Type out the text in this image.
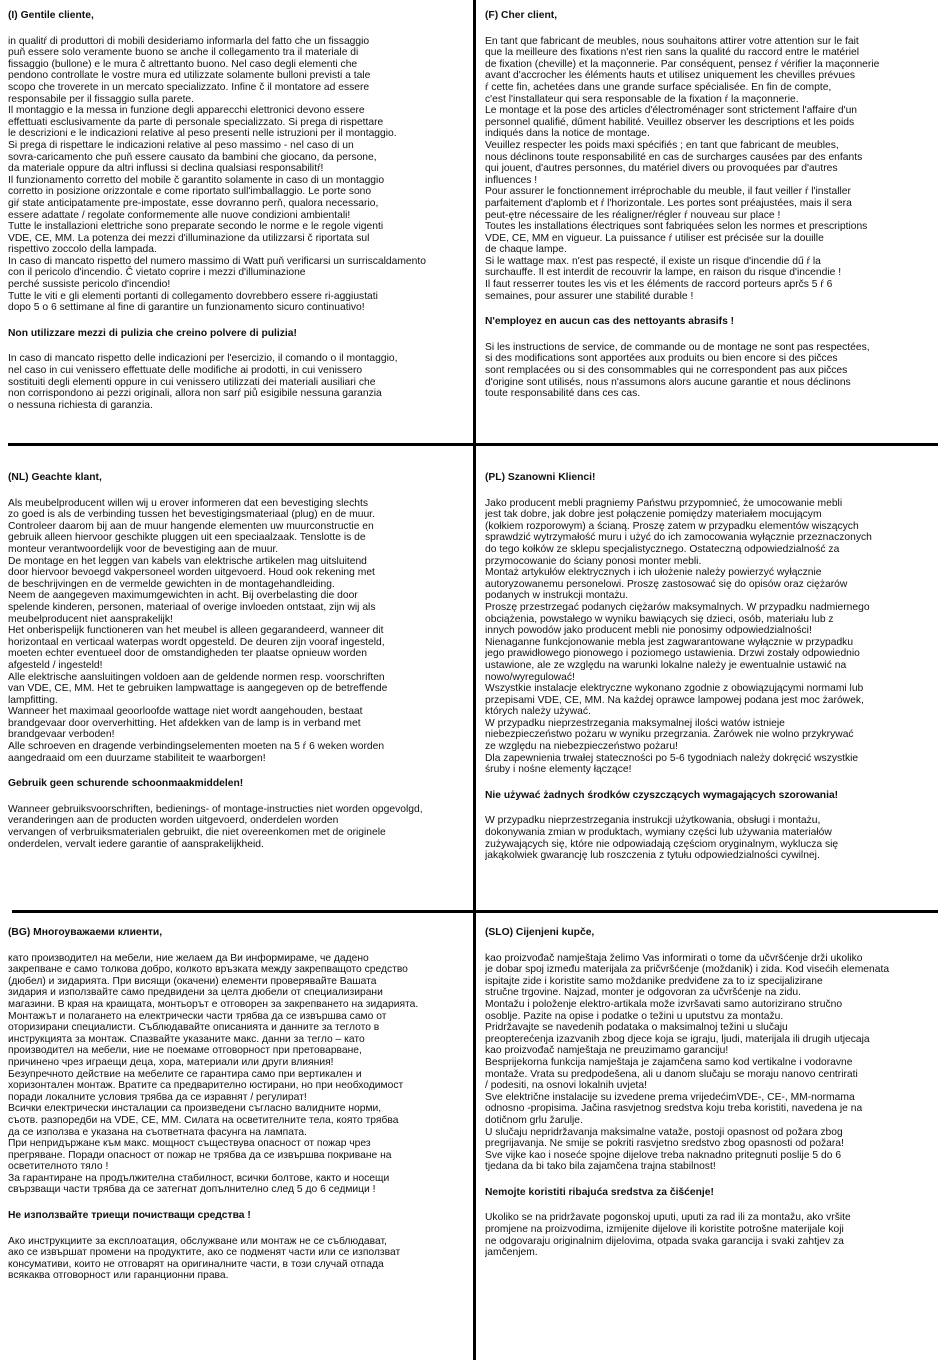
(I) Gentile cliente,
in qualitŕ di produttori di mobili desideriamo informarla del fatto che un fissaggio
puň essere solo veramente buono se anche il collegamento tra il materiale di
fissaggio (bullone) e le mura č altrettanto buono. Nel caso degli elementi che
pendono controllate le vostre mura ed utilizzate solamente bulloni previsti a tale
scopo che troverete in un mercato specializzato. Infine č il montatore ad essere
responsabile per il fissaggio sulla parete.
Il montaggio e la messa in funzione degli apparecchi elettronici devono essere
effettuati esclusivamente da parte di personale specializzato. Si prega di rispettare
le descrizioni e le indicazioni relative al peso presenti nelle istruzioni per il montaggio.
Si prega di rispettare le indicazioni relative al peso massimo - nel caso di un
sovra-caricamento che puň essere causato da bambini che giocano, da persone,
da materiale oppure da altri influssi si declina qualsiasi responsabilitŕ!
Il funzionamento corretto del mobile č garantito solamente in caso di un montaggio
corretto in posizione orizzontale e come riportato sull'imballaggio. Le porte sono
giŕ state anticipatamente pre-impostate, esse dovranno perň, qualora necessario,
essere adattate / regolate conformemente alle nuove condizioni ambientali!
Tutte le installazioni elettriche sono preparate secondo le norme e le regole vigenti
VDE, CE, MM. La potenza dei mezzi d'illuminazione da utilizzarsi č riportata sul
rispettivo zoccolo della lampada.
In caso di mancato rispetto del numero massimo di Watt puň verificarsi un surriscaldamento
con il pericolo d'incendio. Č vietato coprire i mezzi d'illuminazione
perché sussiste pericolo d'incendio!
Tutte le viti e gli elementi portanti di collegamento dovrebbero essere ri-aggiustati
dopo 5 o 6 settimane al fine di garantire un funzionamento sicuro continuativo!
Non utilizzare mezzi di pulizia che creino polvere di pulizia!
In caso di mancato rispetto delle indicazioni per l'esercizio, il comando o il montaggio,
nel caso in cui venissero effettuate delle modifiche ai prodotti, in cui venissero
sostituiti degli elementi oppure in cui venissero utilizzati dei materiali ausiliari che
non corrispondono ai pezzi originali, allora non sarŕ piů esigibile nessuna garanzia
o nessuna richiesta di garanzia.
(F) Cher client,
En tant que fabricant de meubles, nous souhaitons attirer votre attention sur le fait
que la meilleure des fixations n'est rien sans la qualité du raccord entre le matériel
de fixation (cheville) et la maçonnerie. Par conséquent, pensez ŕ vérifier la maçonnerie
avant d'accrocher les éléments hauts et utilisez uniquement les chevilles prévues
ŕ cette fin, achetées dans une grande surface spécialisée. En fin de compte,
c'est l'installateur qui sera responsable de la fixation ŕ la maçonnerie.
Le montage et la pose des articles d'électroménager sont strictement l'affaire d'un
personnel qualifié, dűment habilité. Veuillez observer les descriptions et les poids
indiqués dans la notice de montage.
Veuillez respecter les poids maxi spécifiés ; en tant que fabricant de meubles,
nous déclinons toute responsabilité en cas de surcharges causées par des enfants
qui jouent, d'autres personnes, du matériel divers ou provoquées par d'autres
influences !
Pour assurer le fonctionnement irréprochable du meuble, il faut veiller ŕ l'installer
parfaitement d'aplomb et ŕ l'horizontale. Les portes sont préajustées, mais il sera
peut-ętre nécessaire de les réaligner/régler ŕ nouveau sur place !
Toutes les installations électriques sont fabriquées selon les normes et prescriptions
VDE, CE, MM en vigueur. La puissance ŕ utiliser est précisée sur la douille
de chaque lampe.
Si le wattage max. n'est pas respecté, il existe un risque d'incendie dű ŕ la
surchauffe. Il est interdit de recouvrir la lampe, en raison du risque d'incendie !
Il faut resserrer toutes les vis et les éléments de raccord porteurs aprčs 5 ŕ 6
semaines, pour assurer une stabilité durable !
N'employez en aucun cas des nettoyants abrasifs !
Si les instructions de service, de commande ou de montage ne sont pas respectées,
si des modifications sont apportées aux produits ou bien encore si des pičces
sont remplacées ou si des consommables qui ne correspondent pas aux pičces
d'origine sont utilisés, nous n'assumons alors aucune garantie et nous déclinons
toute responsabilité dans ces cas.
(NL) Geachte klant,
Als meubelproducent willen wij u erover informeren dat een bevestiging slechts
zo goed is als de verbinding tussen het bevestigingsmateriaal (plug) en de muur.
Controleer daarom bij aan de muur hangende elementen uw muurconstructie en
gebruik alleen hiervoor geschikte pluggen uit een speciaalzaak. Tenslotte is de
monteur verantwoordelijk voor de bevestiging aan de muur.
De montage en het leggen van kabels van elektrische artikelen mag uitsluitend
door hiervoor bevoegd vakpersoneel worden uitgevoerd. Houd ook rekening met
de beschrijvingen en de vermelde gewichten in de montagehandleiding.
Neem de aangegeven maximumgewichten in acht. Bij overbelasting die door
spelende kinderen, personen, materiaal of overige invloeden ontstaat, zijn wij als
meubelproducent niet aansprakelijk!
Het onberispelijk functioneren van het meubel is alleen gegarandeerd, wanneer dit
horizontaal en verticaal waterpas wordt opgesteld. De deuren zijn vooraf ingesteld,
moeten echter eventueel door de omstandigheden ter plaatse opnieuw worden
afgesteld / ingesteld!
Alle elektrische aansluitingen voldoen aan de geldende normen resp. voorschriften
van VDE, CE, MM. Het te gebruiken lampwattage is aangegeven op de betreffende
lampfitting.
Wanneer het maximaal geoorloofde wattage niet wordt aangehouden, bestaat
brandgevaar door oververhitting. Het afdekken van de lamp is in verband met
brandgevaar verboden!
Alle schroeven en dragende verbindingselementen moeten na 5 ŕ 6 weken worden
aangedraaid om een duurzame stabiliteit te waarborgen!
Gebruik geen schurende schoonmaakmiddelen!
Wanneer gebruiksvoorschriften, bedienings- of montage-instructies niet worden opgevolgd,
veranderingen aan de producten worden uitgevoerd, onderdelen worden
vervangen of verbruiksmaterialen gebruikt, die niet overeenkomen met de originele
onderdelen, vervalt iedere garantie of aansprakelijkheid.
(PL) Szanowni Klienci!
Jako producent mebli pragniemy Państwu przypomnieć, że umocowanie mebli
jest tak dobre, jak dobre jest połączenie pomiędzy materiałem mocującym
(kołkiem rozporowym) a ścianą. Proszę zatem w przypadku elementów wiszących
sprawdzić wytrzymałość muru i użyć do ich zamocowania wyłącznie przeznaczonych
do tego kołków ze sklepu specjalistycznego. Ostateczną odpowiedzialność za
przymocowanie do ściany ponosi monter mebli.
Montaż artykułów elektrycznych i ich ułożenie należy powierzyć wyłącznie
autoryzowanemu personelowi. Proszę zastosować się do opisów oraz ciężarów
podanych w instrukcji montażu.
Proszę przestrzegać podanych ciężarów maksymalnych. W przypadku nadmiernego
obciążenia, powstałego w wyniku bawiących się dzieci, osób, materiału lub z
innych powodów jako producent mebli nie ponosimy odpowiedzialności!
Nienaganne funkcjonowanie mebla jest zagwarantowane wyłącznie w przypadku
jego prawidłowego pionowego i poziomego ustawienia. Drzwi zostały odpowiednio
ustawione, ale ze względu na warunki lokalne należy je ewentualnie ustawić na
nowo/wyregulować!
Wszystkie instalacje elektryczne wykonano zgodnie z obowiązującymi normami lub
przepisami VDE, CE, MM. Na każdej oprawce lampowej podana jest moc żarówek,
których należy używać.
W przypadku nieprzestrzegania maksymalnej ilości watów istnieje
niebezpieczeństwo pożaru w wyniku przegrzania. Żarówek nie wolno przykrywać
ze względu na niebezpieczeństwo pożaru!
Dla zapewnienia trwałej stateczności po 5-6 tygodniach należy dokręcić wszystkie
śruby i nośne elementy łączące!
Nie używać żadnych środków czyszczących wymagających szorowania!
W przypadku nieprzestrzegania instrukcji użytkowania, obsługi i montażu,
dokonywania zmian w produktach, wymiany części lub używania materiałów
zużywających się, które nie odpowiadają częściom oryginalnym, wyklucza się
jakąkolwiek gwarancję lub roszczenia z tytułu odpowiedzialności cywilnej.
(BG) Многоуважаеми клиенти,
като производител на мебели, ние желаем да Ви информираме, че дадено
закрепване е само толкова добро, колкото връзката между закрепващото средство
(дюбел) и зидарията. При висящи (окачени) елементи проверявайте Вашата
зидария и използвайте само предвидени за целта дюбели от специализирани
магазини. В края на краищата, монтьорът е отговорен за закрепването на зидарията.
Монтажът и полагането на електрически части трябва да се извършва само от
оторизирани специалисти. Съблюдавайте описанията и данните за теглото в
инструкцията за монтаж. Спазвайте указаните макс. данни за тегло – като
производител на мебели, ние не поемаме отговорност при претоварване,
причинено чрез играещи деца, хора, материали или други влияния!
Безупречното действие на мебелите се гарантира само при вертикален и
хоризонтален монтаж. Вратите са предварително юстирани, но при необходимост
поради локалните условия трябва да се изравнят / регулират!
Всички електрически инсталации са произведени съгласно валидните норми,
съотв. разпоредби на VDE, CE, MM. Силата на осветителните тела, която трябва
да се използва е указана на съответната фасунга на лампата.
При непридържане към макс. мощност съществува опасност от пожар чрез
прегряване. Поради опасност от пожар не трябва да се извършва покриване на
осветителното тяло !
За гарантиране на продължителна стабилност, всички болтове, както и носещи
свързващи части трябва да се затегнат допълнително след 5 до 6 седмици !
Не използвайте триещи почистващи средства !
Ако инструкциите за експлоатация, обслужване или монтаж не се съблюдават,
ако се извършат промени на продуктите, ако се подменят части или се използват
консумативи, които не отговарят на оригиналните части, в този случай отпада
всякаква отговорност или гаранционни права.
(SLO) Cijenjeni kupče,
kao proizvođač namještaja želimo Vas informirati o tome da učvršćenje drži ukoliko
je dobar spoj između materijala za pričvršćenje (moždanik) i zida. Kod visećih elemenata
ispitajte zide i koristite samo moždanike predviđene za to iz specijalizirane
stručne trgovine. Najzad, monter je odgovoran za učvršćenje na zidu.
Montažu i položenje elektro-artikala može izvršavati samo autorizirano stručno
osoblje. Pazite na opise i podatke o težini u uputstvu za montažu.
Pridržavajte se navedenih podataka o maksimalnoj težini u slučaju
preopterećenja izazvanih zbog djece koja se igraju, ljudi, materijala ili drugih utjecaja
kao proizvođač namještaja ne preuzimamo garanciju!
Besprijekorna funkcija namještaja je zajamčena samo kod vertikalne i vodoravne
montaže. Vrata su predpodešena, ali u danom slučaju se moraju nanovo centrirati
/ podesiti, na osnovi lokalnih uvjeta!
Sve električne instalacije su izvedene prema vrijedećimVDE-, CE-, MM-normama
odnosno -propisima. Jačina rasvjetnog sredstva koju treba koristiti, navedena je na
dotičnom grlu žarulje.
U slučaju nepridržavanja maksimalne vataže, postoji opasnost od požara zbog
pregrijavanja. Ne smije se pokriti rasvjetno sredstvo zbog opasnosti od požara!
Sve vijke kao i noseće spojne dijelove treba naknadno pritegnuti poslije 5 do 6
tjedana da bi tako bila zajamčena trajna stabilnost!
Nemojte koristiti ribajuća sredstva za čišćenje!
Ukoliko se na pridržavate pogonskoj uputi, uputi za rad ili za montažu, ako vršite
promjene na proizvodima, izmijenite dijelove ili koristite potrošne materijale koji
ne odgovaraju originalnim dijelovima, otpada svaka garancija i svaki zahtjev za
jamčenjem.
